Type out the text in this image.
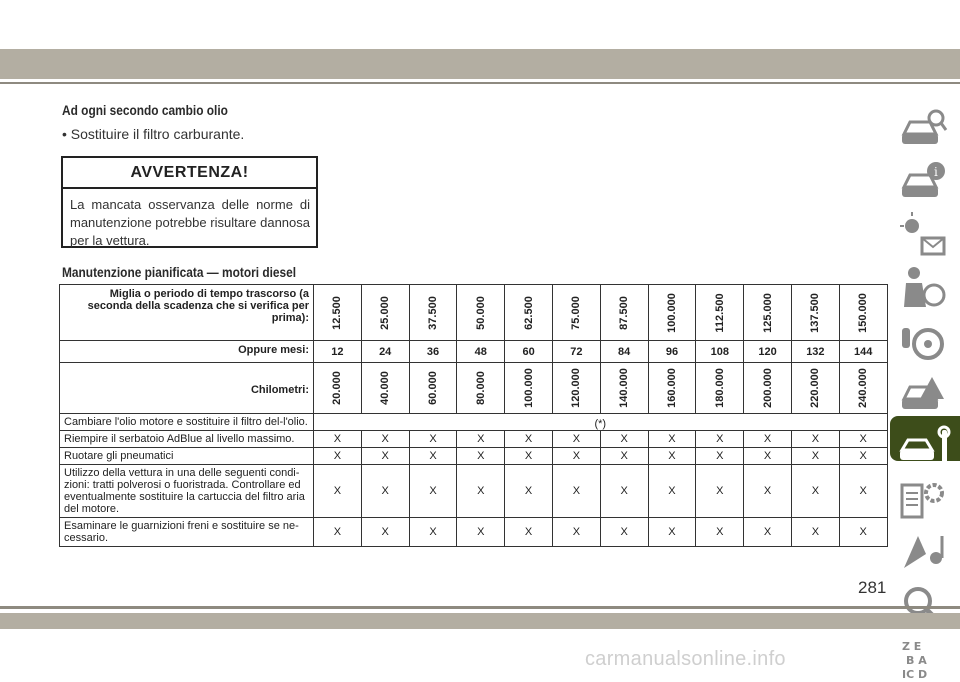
Ad ogni secondo cambio olio
• Sostituire il filtro carburante.
AVVERTENZA!
La mancata osservanza delle norme di manutenzione potrebbe risultare dannosa per la vettura.
Manutenzione pianificata — motori diesel
Miglia o periodo di tempo trascorso (a seconda della scadenza che si verifica per prima):	12.500	25.000	37.500	50.000	62.500	75.000	87.500	100.000	112.500	125.000	137.500	150.000

Oppure mesi:	12	24	36	48	60	72	84	96	108	120	132	144
Chilometri:	20.000	40.000	60.000	80.000	100.000	120.000	140.000	160.000	180.000	200.000	220.000	240.000

Cambiare l'olio motore e sostituire il filtro del-l'olio.	(*)											
Riempire il serbatoio AdBlue al livello massimo.	X	X	X	X	X	X	X	X	X	X	X	X
Ruotare gli pneumatici	X	X	X	X	X	X	X	X	X	X	X	X
Utilizzo della vettura in una delle seguenti condi-zioni: tratti polverosi o fuoristrada. Controllare ed eventualmente sostituire la cartuccia del filtro aria del motore.	X	X	X	X	X	X	X	X	X	X	X	X
Esaminare le guarnizioni freni e sostituire se ne-cessario.	X	X	X	X	X	X	X	X	X	X	X	X
i
Z E
B A
IC D
281
carmanualsonline.info
